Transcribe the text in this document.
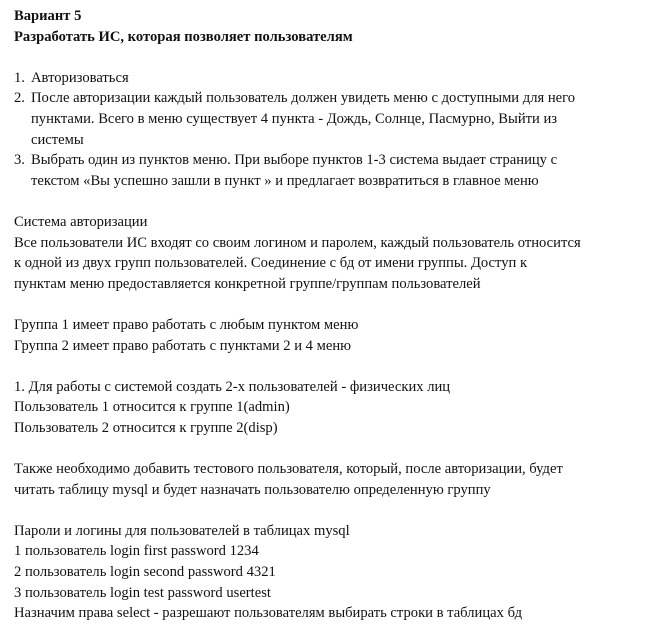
Вариант 5

Разработать ИС, которая позволяет пользователям

1. Авторизоваться
2. После авторизации каждый пользователь должен увидеть меню с доступными для него
пунктами. Всего в меню существует 4 пункта - Дождь, Солнце, Пасмурно, Выйти из
системы
3. Выбрать один из пунктов меню. При выборе пунктов 1-3 система выдает страницу с
текстом «Вы успешно зашли в пункт » и предлагает возвратиться в главное меню

Система авторизации

Все пользователи ИС входят со своим логином и паролем, каждый пользователь относится

к одной из двух групп пользователей. Соединение с бд от имени группы. Доступ к

пунктам меню предоставляется конкретной группе/группам пользователей

Группа 1 имеет право работать с любым пунктом меню

Группа 2 имеет право работать с пунктами 2 и 4 меню

1. Для работы с системой создать 2-х пользователей - физических лиц

Пользователь 1 относится к группе 1(admin)

Пользователь 2 относится к группе 2(disp)

Также необходимо добавить тестового пользователя, который, после авторизации, будет

читать таблицу mysql и будет назначать пользователю определенную группу

Пароли и логины для пользователей в таблицах mysql

1 пользователь login first password 1234

2 пользователь login second password 4321

3 пользователь login test password usertest

Назначим права select - разрешают пользователям выбирать строки в таблицах бд
